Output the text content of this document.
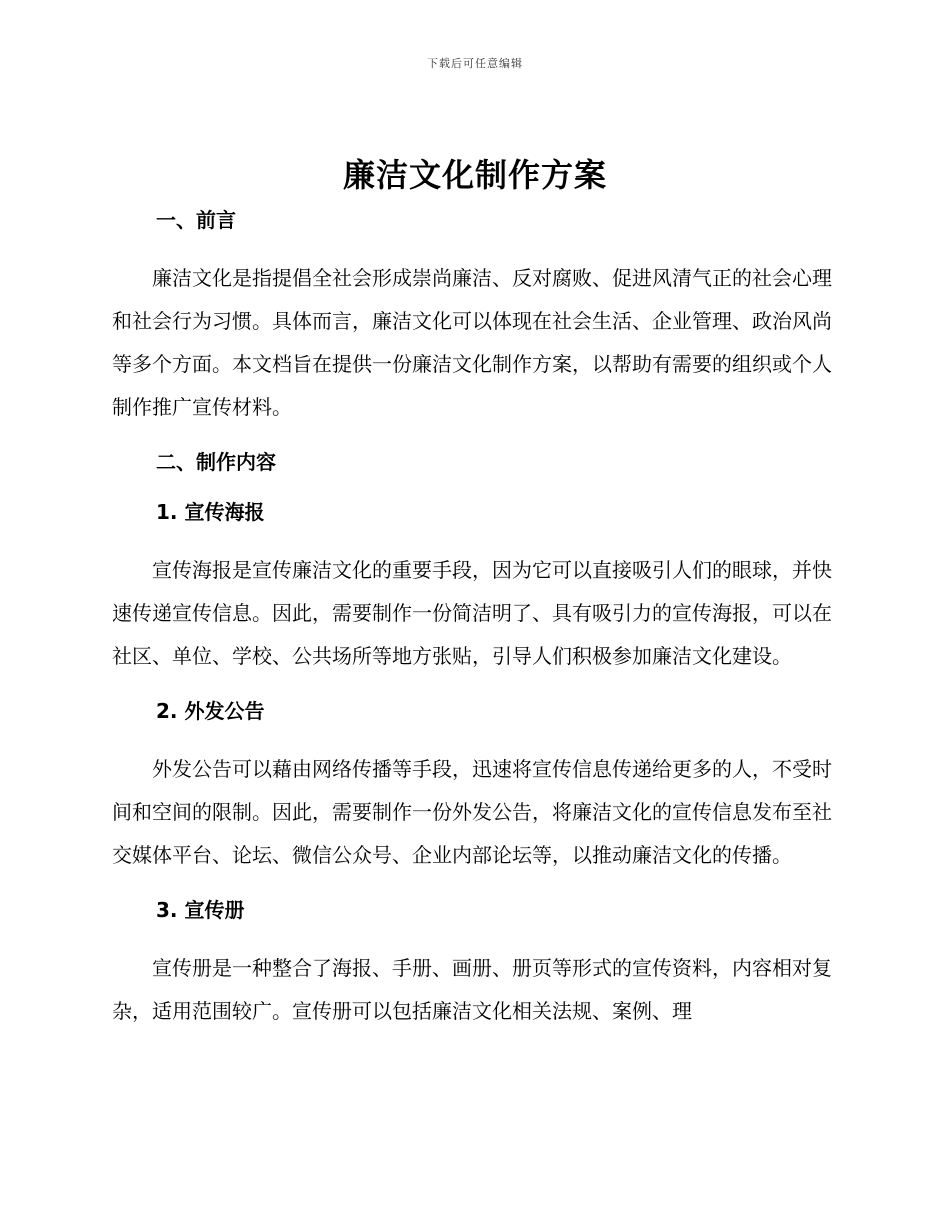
下载后可任意编辑
廉洁文化制作方案

一、前言

廉洁文化是指提倡全社会形成崇尚廉洁、反对腐败、促进风清气正的社会心理和社会行为习惯。具体而言，廉洁文化可以体现在社会生活、企业管理、政治风尚等多个方面。本文档旨在提供一份廉洁文化制作方案，以帮助有需要的组织或个人制作推广宣传材料。

二、制作内容

1. 宣传海报

宣传海报是宣传廉洁文化的重要手段，因为它可以直接吸引人们的眼球，并快速传递宣传信息。因此，需要制作一份简洁明了、具有吸引力的宣传海报，可以在社区、单位、学校、公共场所等地方张贴，引导人们积极参加廉洁文化建设。

2. 外发公告

外发公告可以藉由网络传播等手段，迅速将宣传信息传递给更多的人，不受时间和空间的限制。因此，需要制作一份外发公告，将廉洁文化的宣传信息发布至社交媒体平台、论坛、微信公众号、企业内部论坛等，以推动廉洁文化的传播。

3. 宣传册

宣传册是一种整合了海报、手册、画册、册页等形式的宣传资料，内容相对复杂，适用范围较广。宣传册可以包括廉洁文化相关法规、案例、理
